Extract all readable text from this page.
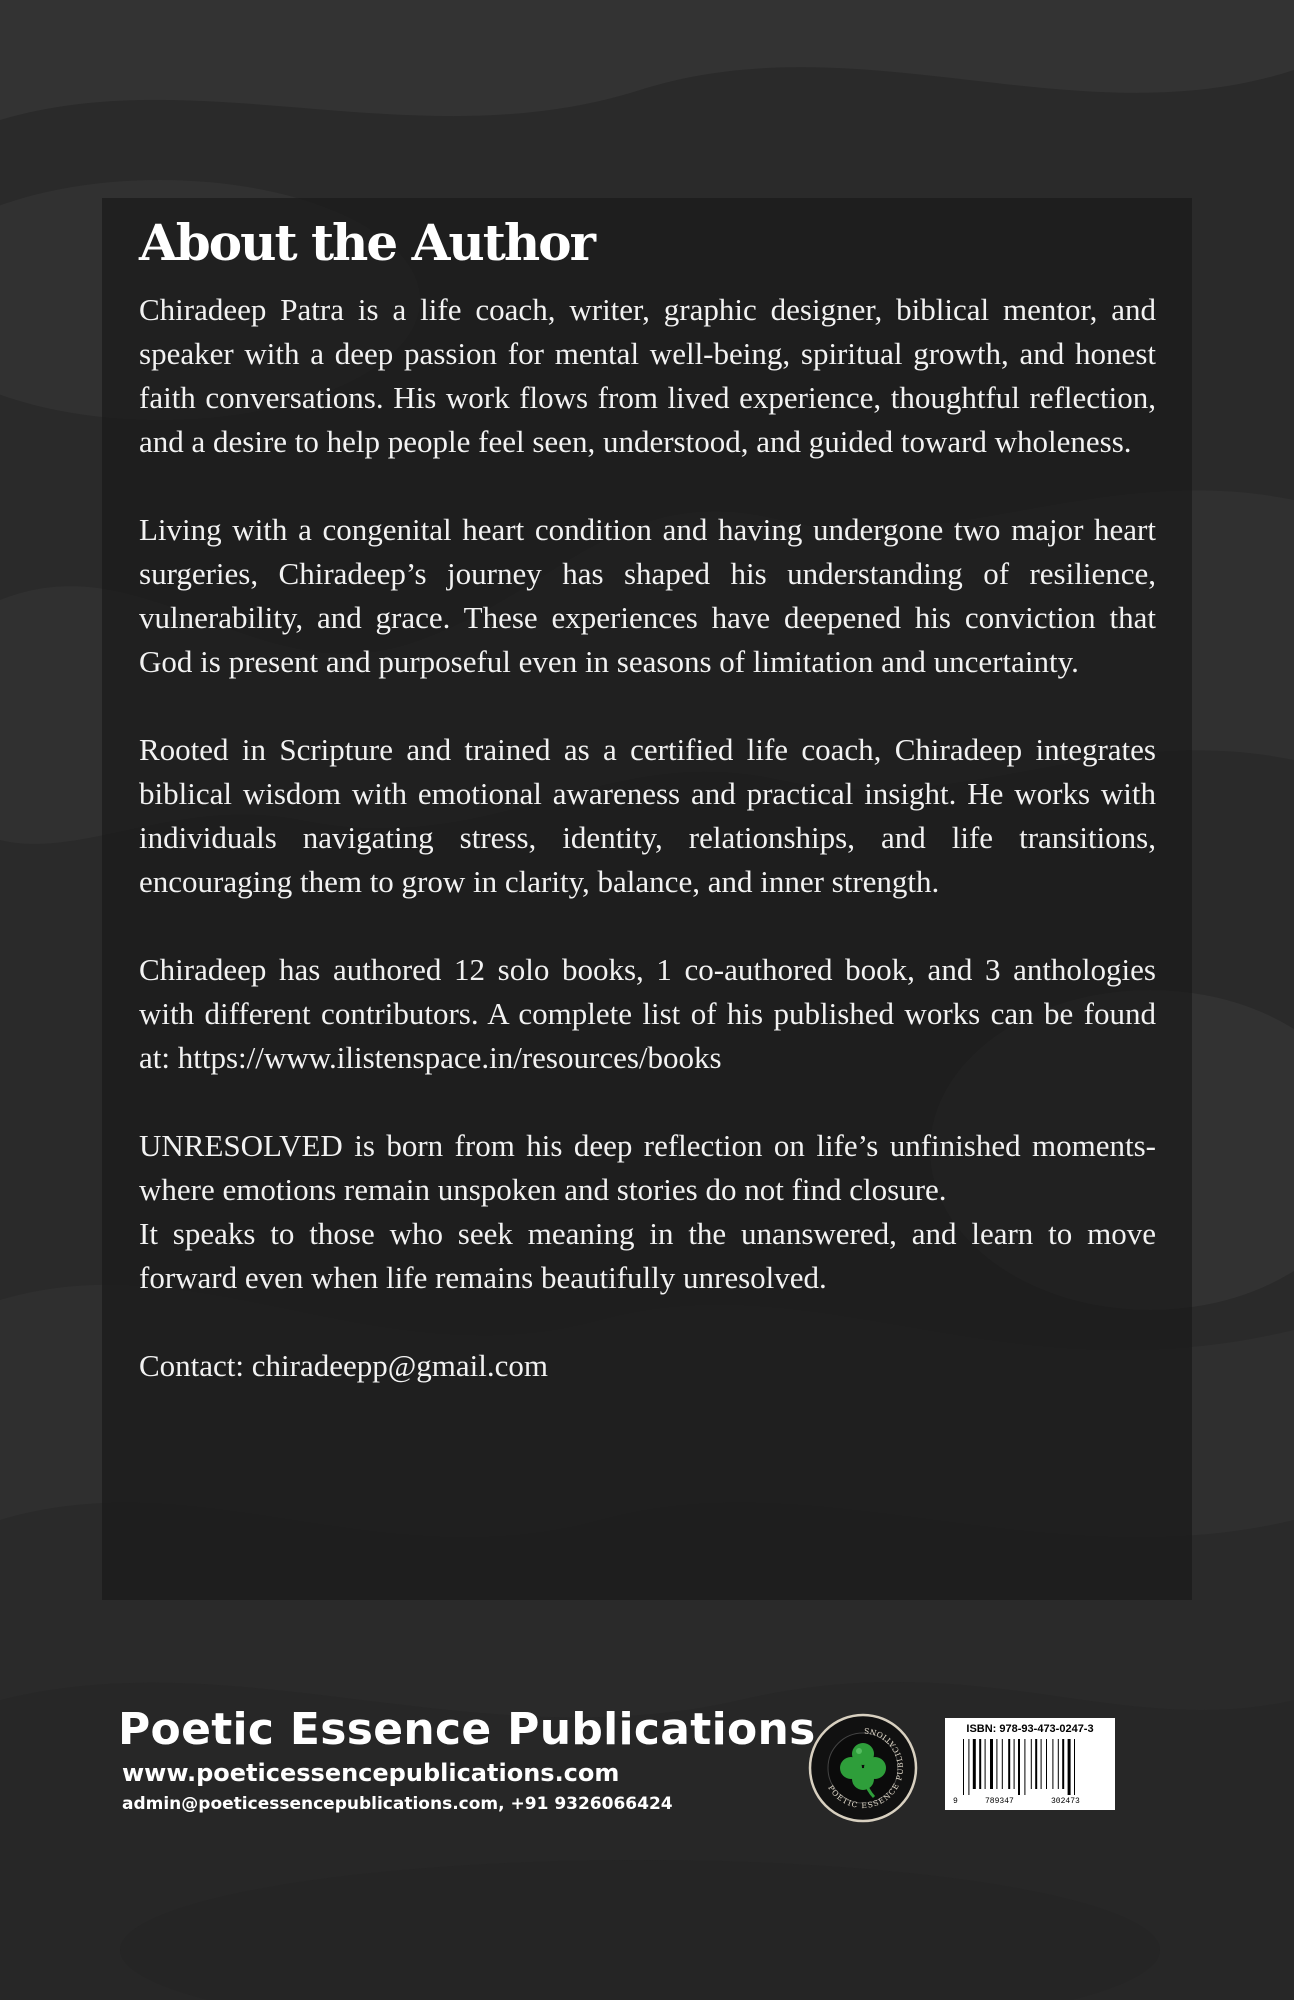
About the Author

Chiradeep Patra is a life coach, writer, graphic designer, biblical mentor, and speaker with a deep passion for mental well-being, spiritual growth, and honest faith conversations. His work flows from lived experience, thoughtful reflection, and a desire to help people feel seen, understood, and guided toward wholeness.

Living with a congenital heart condition and having undergone two major heart surgeries, Chiradeep’s journey has shaped his understanding of resilience, vulnerability, and grace. These experiences have deepened his conviction that God is present and purposeful even in seasons of limitation and uncertainty.

Rooted in Scripture and trained as a certified life coach, Chiradeep integrates biblical wisdom with emotional awareness and practical insight. He works with individuals navigating stress, identity, relationships, and life transitions, encouraging them to grow in clarity, balance, and inner strength.

Chiradeep has authored 12 solo books, 1 co-authored book, and 3 anthologies with different contributors. A complete list of his published works can be found at: https://www.ilistenspace.in/resources/books

UNRESOLVED is born from his deep reflection on life’s unfinished moments- where emotions remain unspoken and stories do not find closure.

It speaks to those who seek meaning in the unanswered, and learn to move forward even when life remains beautifully unresolved.

Contact: chiradeepp@gmail.com

Poetic Essence Publications
www.poeticessencepublications.com
admin@poeticessencepublications.com, +91 9326066424
POETIC ESSENCE PUBLICATIONS	ISBN: 978-93-473-0247-3
9	789347	302473
